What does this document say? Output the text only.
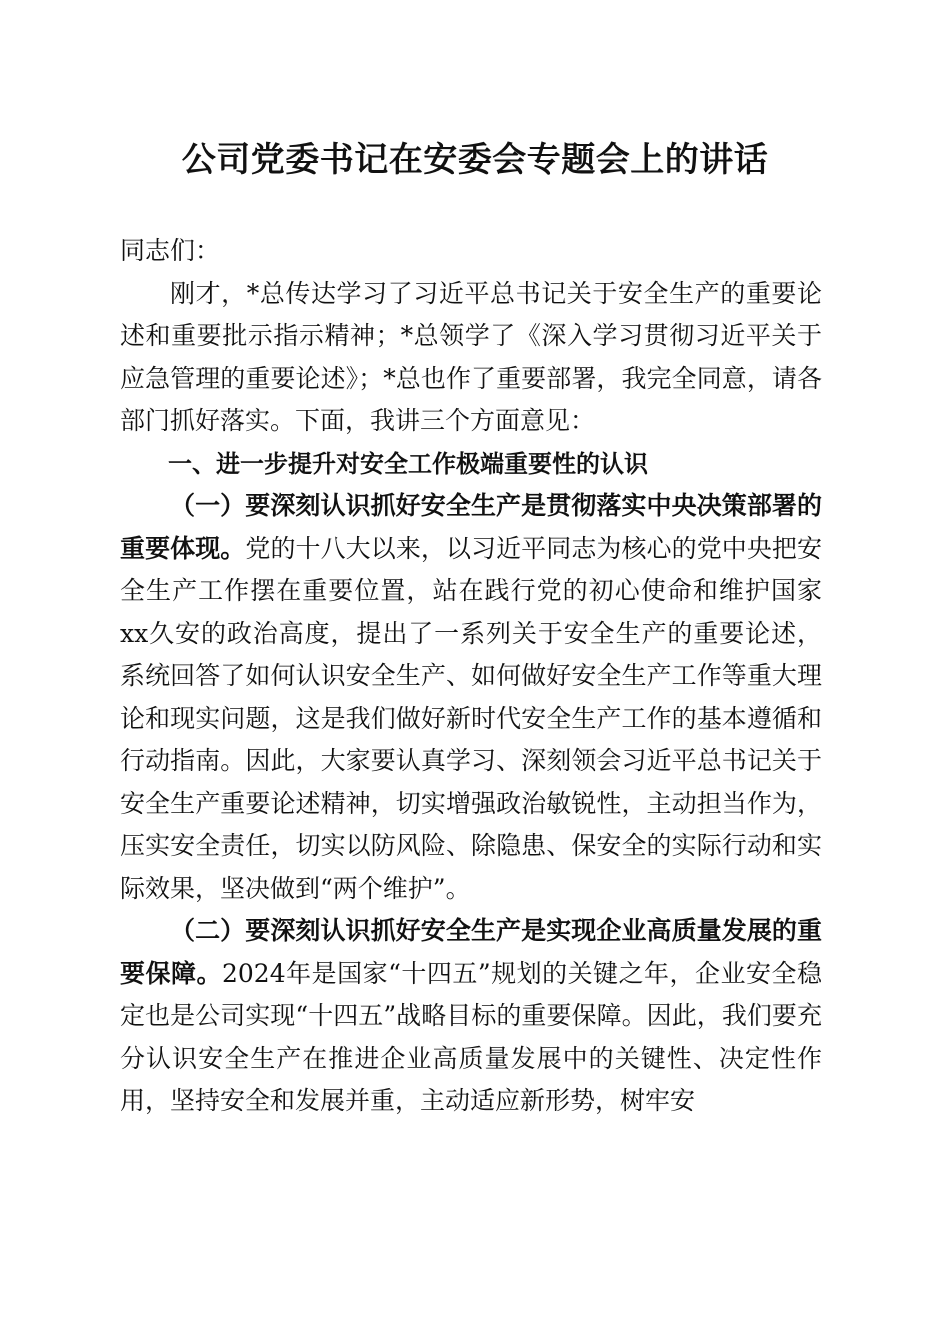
公司党委书记在安委会专题会上的讲话

同志们：

刚才，*总传达学习了习近平总书记关于安全生产的重要论述和重要批示指示精神；*总领学了《深入学习贯彻习近平关于应急管理的重要论述》；*总也作了重要部署，我完全同意，请各部门抓好落实。下面，我讲三个方面意见：

一、进一步提升对安全工作极端重要性的认识

（一）要深刻认识抓好安全生产是贯彻落实中央决策部署的重要体现。党的十八大以来，以习近平同志为核心的党中央把安全生产工作摆在重要位置，站在践行党的初心使命和维护国家xx久安的政治高度，提出了一系列关于安全生产的重要论述，系统回答了如何认识安全生产、如何做好安全生产工作等重大理论和现实问题，这是我们做好新时代安全生产工作的基本遵循和行动指南。因此，大家要认真学习、深刻领会习近平总书记关于安全生产重要论述精神，切实增强政治敏锐性，主动担当作为，压实安全责任，切实以防风险、除隐患、保安全的实际行动和实际效果，坚决做到“两个维护”。

（二）要深刻认识抓好安全生产是实现企业高质量发展的重要保障。2024年是国家“十四五”规划的关键之年，企业安全稳定也是公司实现“十四五”战略目标的重要保障。因此，我们要充分认识安全生产在推进企业高质量发展中的关键性、决定性作用，坚持安全和发展并重，主动适应新形势，树牢安
